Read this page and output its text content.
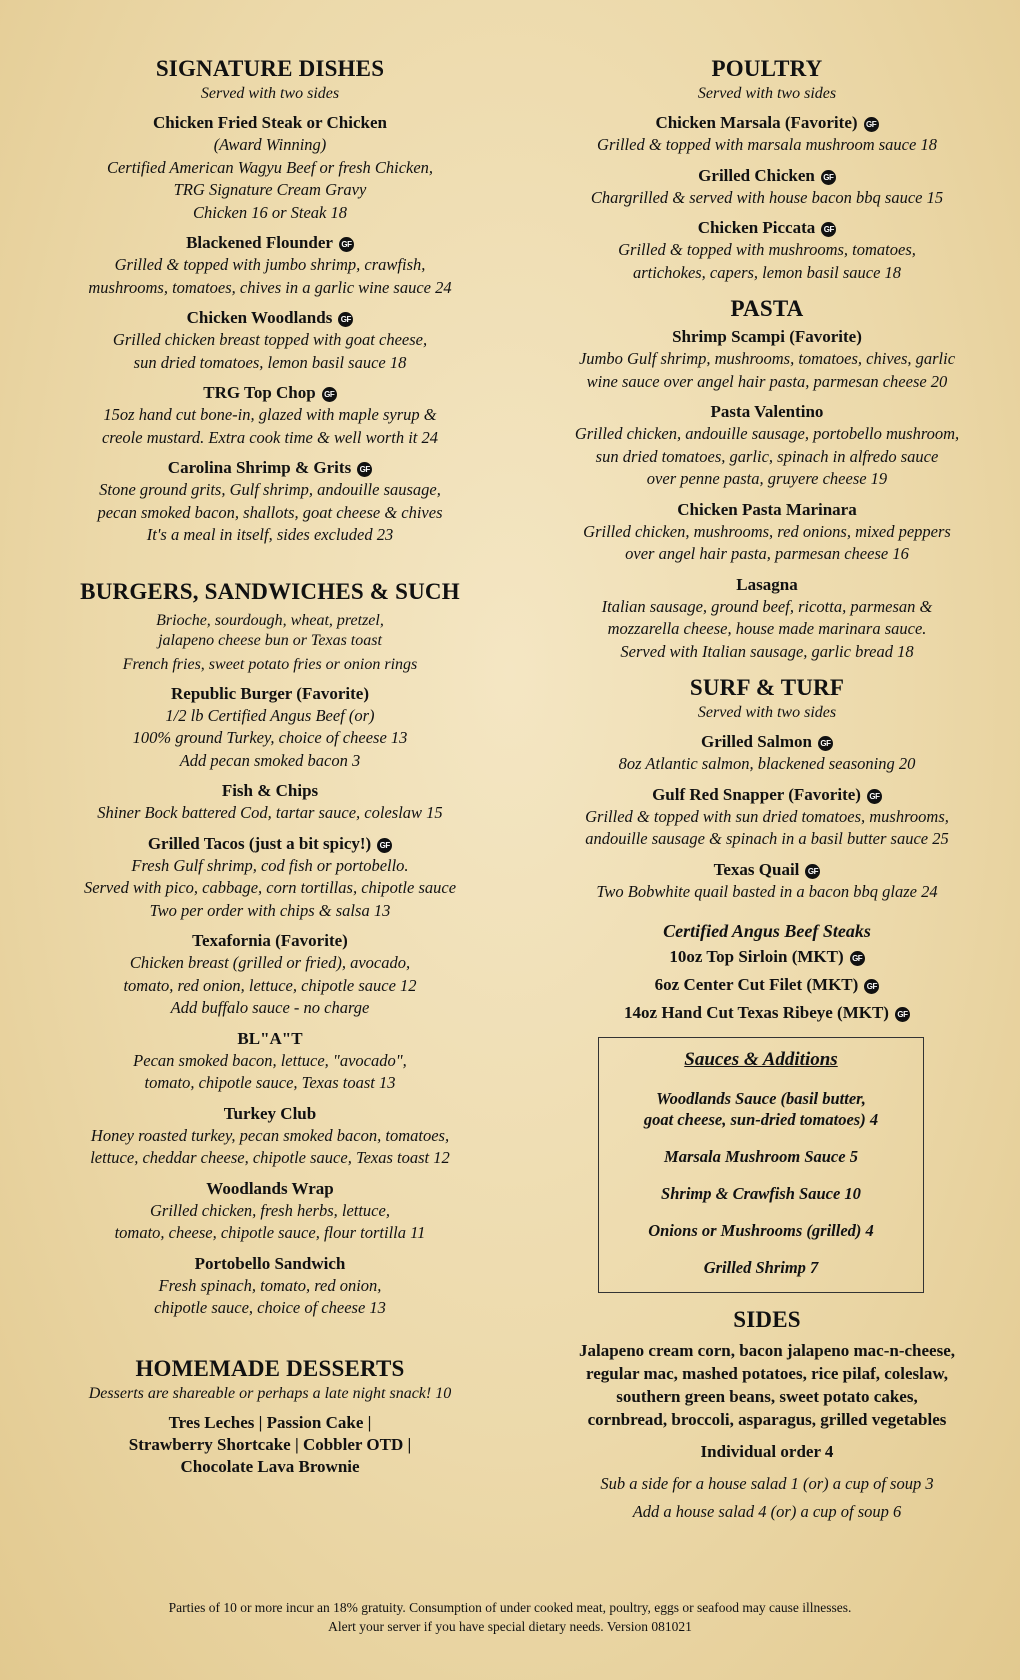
SIGNATURE DISHES
Served with two sides
Chicken Fried Steak or Chicken
(Award Winning)
Certified American Wagyu Beef or fresh Chicken,
TRG Signature Cream Gravy
Chicken 16 or Steak 18
Blackened Flounder GF
Grilled & topped with jumbo shrimp, crawfish,
mushrooms, tomatoes, chives in a garlic wine sauce 24
Chicken Woodlands GF
Grilled chicken breast topped with goat cheese,
sun dried tomatoes, lemon basil sauce 18
TRG Top Chop GF
15oz hand cut bone-in, glazed with maple syrup &
creole mustard. Extra cook time & well worth it 24
Carolina Shrimp & Grits GF
Stone ground grits, Gulf shrimp, andouille sausage,
pecan smoked bacon, shallots, goat cheese & chives
It's a meal in itself, sides excluded 23
BURGERS, SANDWICHES & SUCH
Brioche, sourdough, wheat, pretzel,
jalapeno cheese bun or Texas toast
French fries, sweet potato fries or onion rings
Republic Burger (Favorite)
1/2 lb Certified Angus Beef (or)
100% ground Turkey, choice of cheese 13
Add pecan smoked bacon 3
Fish & Chips
Shiner Bock battered Cod, tartar sauce, coleslaw 15
Grilled Tacos (just a bit spicy!) GF
Fresh Gulf shrimp, cod fish or portobello.
Served with pico, cabbage, corn tortillas, chipotle sauce
Two per order with chips & salsa 13
Texafornia (Favorite)
Chicken breast (grilled or fried), avocado,
tomato, red onion, lettuce, chipotle sauce 12
Add buffalo sauce - no charge
BL"A"T
Pecan smoked bacon, lettuce, "avocado",
tomato, chipotle sauce, Texas toast 13
Turkey Club
Honey roasted turkey, pecan smoked bacon, tomatoes,
lettuce, cheddar cheese, chipotle sauce, Texas toast 12
Woodlands Wrap
Grilled chicken, fresh herbs, lettuce,
tomato, cheese, chipotle sauce, flour tortilla 11
Portobello Sandwich
Fresh spinach, tomato, red onion,
chipotle sauce, choice of cheese 13
HOMEMADE DESSERTS
Desserts are shareable or perhaps a late night snack! 10
Tres Leches | Passion Cake |
Strawberry Shortcake | Cobbler OTD |
Chocolate Lava Brownie
POULTRY
Served with two sides
Chicken Marsala (Favorite) GF
Grilled & topped with marsala mushroom sauce 18
Grilled Chicken GF
Chargrilled & served with house bacon bbq sauce 15
Chicken Piccata GF
Grilled & topped with mushrooms, tomatoes,
artichokes, capers, lemon basil sauce 18
PASTA
Shrimp Scampi (Favorite)
Jumbo Gulf shrimp, mushrooms, tomatoes, chives, garlic
wine sauce over angel hair pasta, parmesan cheese 20
Pasta Valentino
Grilled chicken, andouille sausage, portobello mushroom,
sun dried tomatoes, garlic, spinach in alfredo sauce
over penne pasta, gruyere cheese 19
Chicken Pasta Marinara
Grilled chicken, mushrooms, red onions, mixed peppers
over angel hair pasta, parmesan cheese 16
Lasagna
Italian sausage, ground beef, ricotta, parmesan &
mozzarella cheese, house made marinara sauce.
Served with Italian sausage, garlic bread 18
SURF & TURF
Served with two sides
Grilled Salmon GF
8oz Atlantic salmon, blackened seasoning 20
Gulf Red Snapper (Favorite) GF
Grilled & topped with sun dried tomatoes, mushrooms,
andouille sausage & spinach in a basil butter sauce 25
Texas Quail GF
Two Bobwhite quail basted in a bacon bbq glaze 24
Certified Angus Beef Steaks
10oz Top Sirloin (MKT) GF
6oz Center Cut Filet (MKT) GF
14oz Hand Cut Texas Ribeye (MKT) GF
Sauces & Additions
Woodlands Sauce (basil butter,
goat cheese, sun-dried tomatoes) 4
Marsala Mushroom Sauce 5
Shrimp & Crawfish Sauce 10
Onions or Mushrooms (grilled) 4
Grilled Shrimp 7
SIDES
Jalapeno cream corn, bacon jalapeno mac-n-cheese,
regular mac, mashed potatoes, rice pilaf, coleslaw,
southern green beans, sweet potato cakes,
cornbread, broccoli, asparagus, grilled vegetables
Individual order 4
Sub a side for a house salad 1 (or) a cup of soup 3
Add a house salad 4 (or) a cup of soup 6
Parties of 10 or more incur an 18% gratuity. Consumption of under cooked meat, poultry, eggs or seafood may cause illnesses.
Alert your server if you have special dietary needs. Version 081021
